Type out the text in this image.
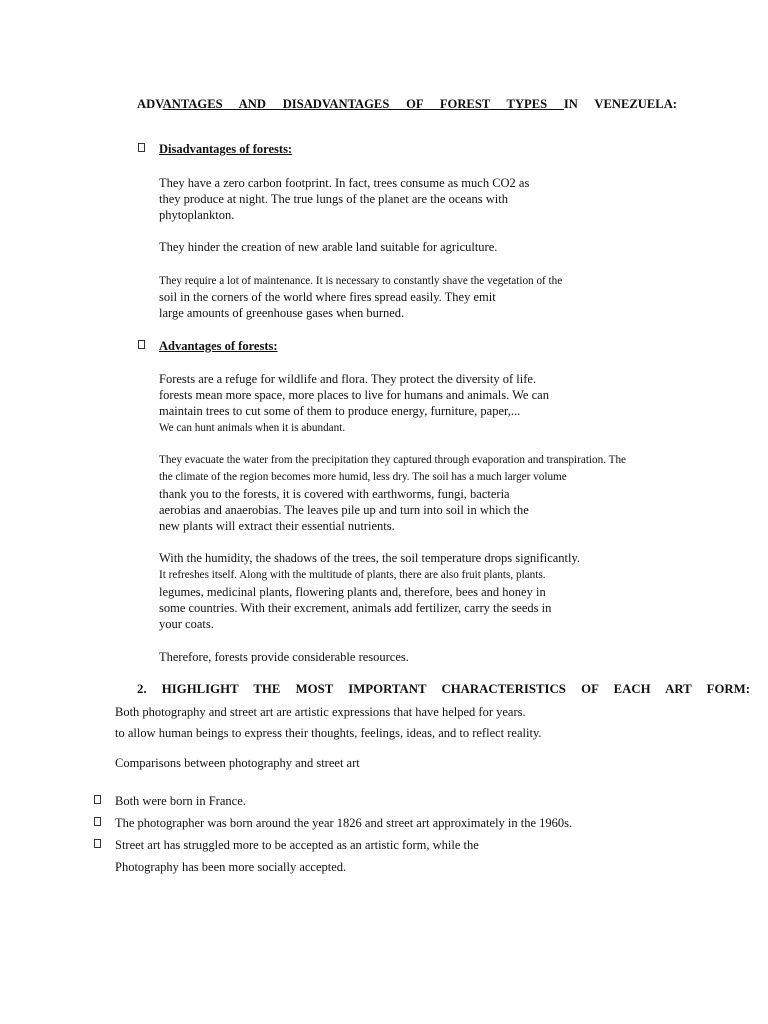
ADVANTAGES AND DISADVANTAGES OF FOREST TYPES IN VENEZUELA:
Disadvantages of forests:
They have a zero carbon footprint. In fact, trees consume as much CO2 as
they produce at night. The true lungs of the planet are the oceans with
phytoplankton.
They hinder the creation of new arable land suitable for agriculture.
They require a lot of maintenance. It is necessary to constantly shave the vegetation of the
soil in the corners of the world where fires spread easily. They emit
large amounts of greenhouse gases when burned.
Advantages of forests:
Forests are a refuge for wildlife and flora. They protect the diversity of life.
forests mean more space, more places to live for humans and animals. We can
maintain trees to cut some of them to produce energy, furniture, paper,...
We can hunt animals when it is abundant.
They evacuate the water from the precipitation they captured through evaporation and transpiration. The
the climate of the region becomes more humid, less dry. The soil has a much larger volume
thank you to the forests, it is covered with earthworms, fungi, bacteria
aerobias and anaerobias. The leaves pile up and turn into soil in which the
new plants will extract their essential nutrients.
With the humidity, the shadows of the trees, the soil temperature drops significantly.
It refreshes itself. Along with the multitude of plants, there are also fruit plants, plants.
legumes, medicinal plants, flowering plants and, therefore, bees and honey in
some countries. With their excrement, animals add fertilizer, carry the seeds in
your coats.
Therefore, forests provide considerable resources.
2. HIGHLIGHT THE MOST IMPORTANT CHARACTERISTICS OF EACH ART FORM:
Both photography and street art are artistic expressions that have helped for years.
to allow human beings to express their thoughts, feelings, ideas, and to reflect reality.
Comparisons between photography and street art
Both were born in France.
The photographer was born around the year 1826 and street art approximately in the 1960s.
Street art has struggled more to be accepted as an artistic form, while the
Photography has been more socially accepted.
